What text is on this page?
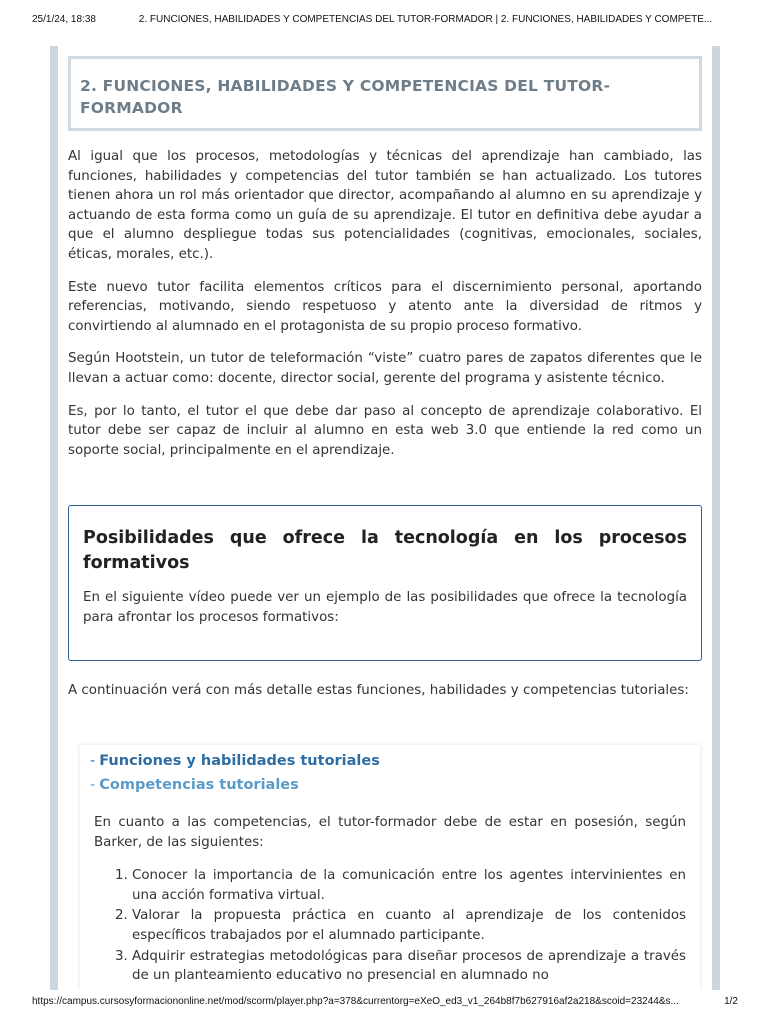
25/1/24, 18:38	2. FUNCIONES, HABILIDADES Y COMPETENCIAS DEL TUTOR-FORMADOR | 2. FUNCIONES, HABILIDADES Y COMPETE...
2. FUNCIONES, HABILIDADES Y COMPETENCIAS DEL TUTOR-FORMADOR

Al igual que los procesos, metodologías y técnicas del aprendizaje han cambiado, las funciones, habilidades y competencias del tutor también se han actualizado. Los tutores tienen ahora un rol más orientador que director, acompañando al alumno en su aprendizaje y actuando de esta forma como un guía de su aprendizaje. El tutor en definitiva debe ayudar a que el alumno despliegue todas sus potencialidades (cognitivas, emocionales, sociales, éticas, morales, etc.).

Este nuevo tutor facilita elementos críticos para el discernimiento personal, aportando referencias, motivando, siendo respetuoso y atento ante la diversidad de ritmos y convirtiendo al alumnado en el protagonista de su propio proceso formativo.

Según Hootstein, un tutor de teleformación “viste” cuatro pares de zapatos diferentes que le llevan a actuar como: docente, director social, gerente del programa y asistente técnico.

Es, por lo tanto, el tutor el que debe dar paso al concepto de aprendizaje colaborativo. El tutor debe ser capaz de incluir al alumno en esta web 3.0 que entiende la red como un soporte social, principalmente en el aprendizaje.

Posibilidades que ofrece la tecnología en los procesos formativos

En el siguiente vídeo puede ver un ejemplo de las posibilidades que ofrece la tecnología para afrontar los procesos formativos:

A continuación verá con más detalle estas funciones, habilidades y competencias tutoriales:

- Funciones y habilidades tutoriales
- Competencias tutoriales

En cuanto a las competencias, el tutor-formador debe de estar en posesión, según Barker, de las siguientes:

1. Conocer la importancia de la comunicación entre los agentes intervinientes en una acción formativa virtual.
2. Valorar la propuesta práctica en cuanto al aprendizaje de los contenidos específicos trabajados por el alumnado participante.
3. Adquirir estrategias metodológicas para diseñar procesos de aprendizaje a través de un planteamiento educativo no presencial en alumnado no
https://campus.cursosyformaciononline.net/mod/scorm/player.php?a=378&currentorg=eXeO_ed3_v1_264b8f7b627916af2a218&scoid=23244&s...	1/2
